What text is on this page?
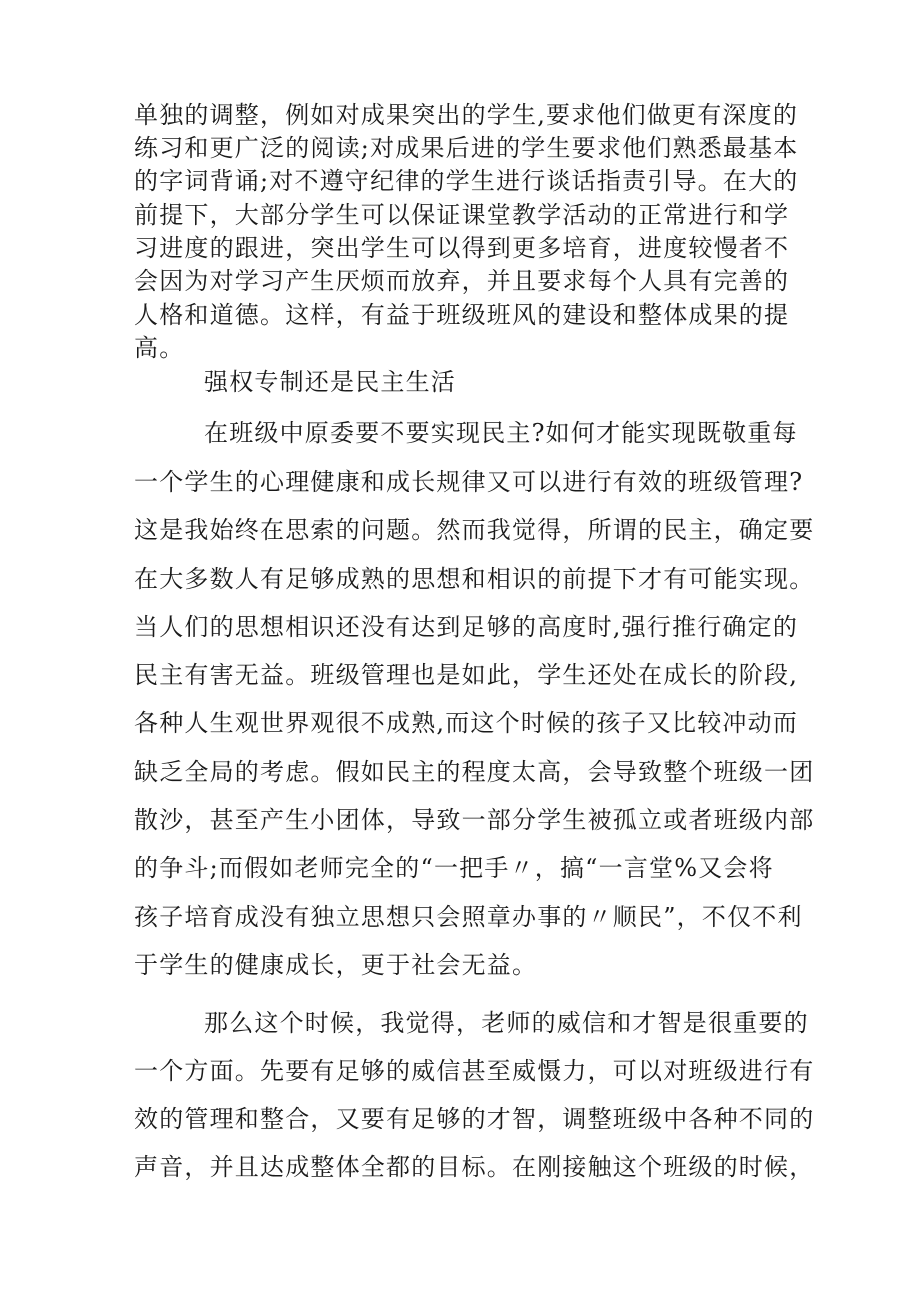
单独的调整，例如对成果突出的学生,要求他们做更有深度的
练习和更广泛的阅读;对成果后进的学生要求他们熟悉最基本
的字词背诵;对不遵守纪律的学生进行谈话指责引导。在大的
前提下，大部分学生可以保证课堂教学活动的正常进行和学
习进度的跟进，突出学生可以得到更多培育，进度较慢者不
会因为对学习产生厌烦而放弃，并且要求每个人具有完善的
人格和道德。这样，有益于班级班风的建设和整体成果的提
高。
强权专制还是民主生活
在班级中原委要不要实现民主?如何才能实现既敬重每
一个学生的心理健康和成长规律又可以进行有效的班级管理?
这是我始终在思索的问题。然而我觉得，所谓的民主，确定要
在大多数人有足够成熟的思想和相识的前提下才有可能实现。
当人们的思想相识还没有达到足够的高度时,强行推行确定的
民主有害无益。班级管理也是如此，学生还处在成长的阶段,
各种人生观世界观很不成熟,而这个时候的孩子又比较冲动而
缺乏全局的考虑。假如民主的程度太高，会导致整个班级一团
散沙，甚至产生小团体，导致一部分学生被孤立或者班级内部
的争斗;而假如老师完全的“一把手〃，搞“一言堂%又会将
孩子培育成没有独立思想只会照章办事的〃顺民”，不仅不利
于学生的健康成长，更于社会无益。
那么这个时候，我觉得，老师的威信和才智是很重要的
一个方面。先要有足够的威信甚至威慑力，可以对班级进行有
效的管理和整合，又要有足够的才智，调整班级中各种不同的
声音，并且达成整体全都的目标。在刚接触这个班级的时候，
